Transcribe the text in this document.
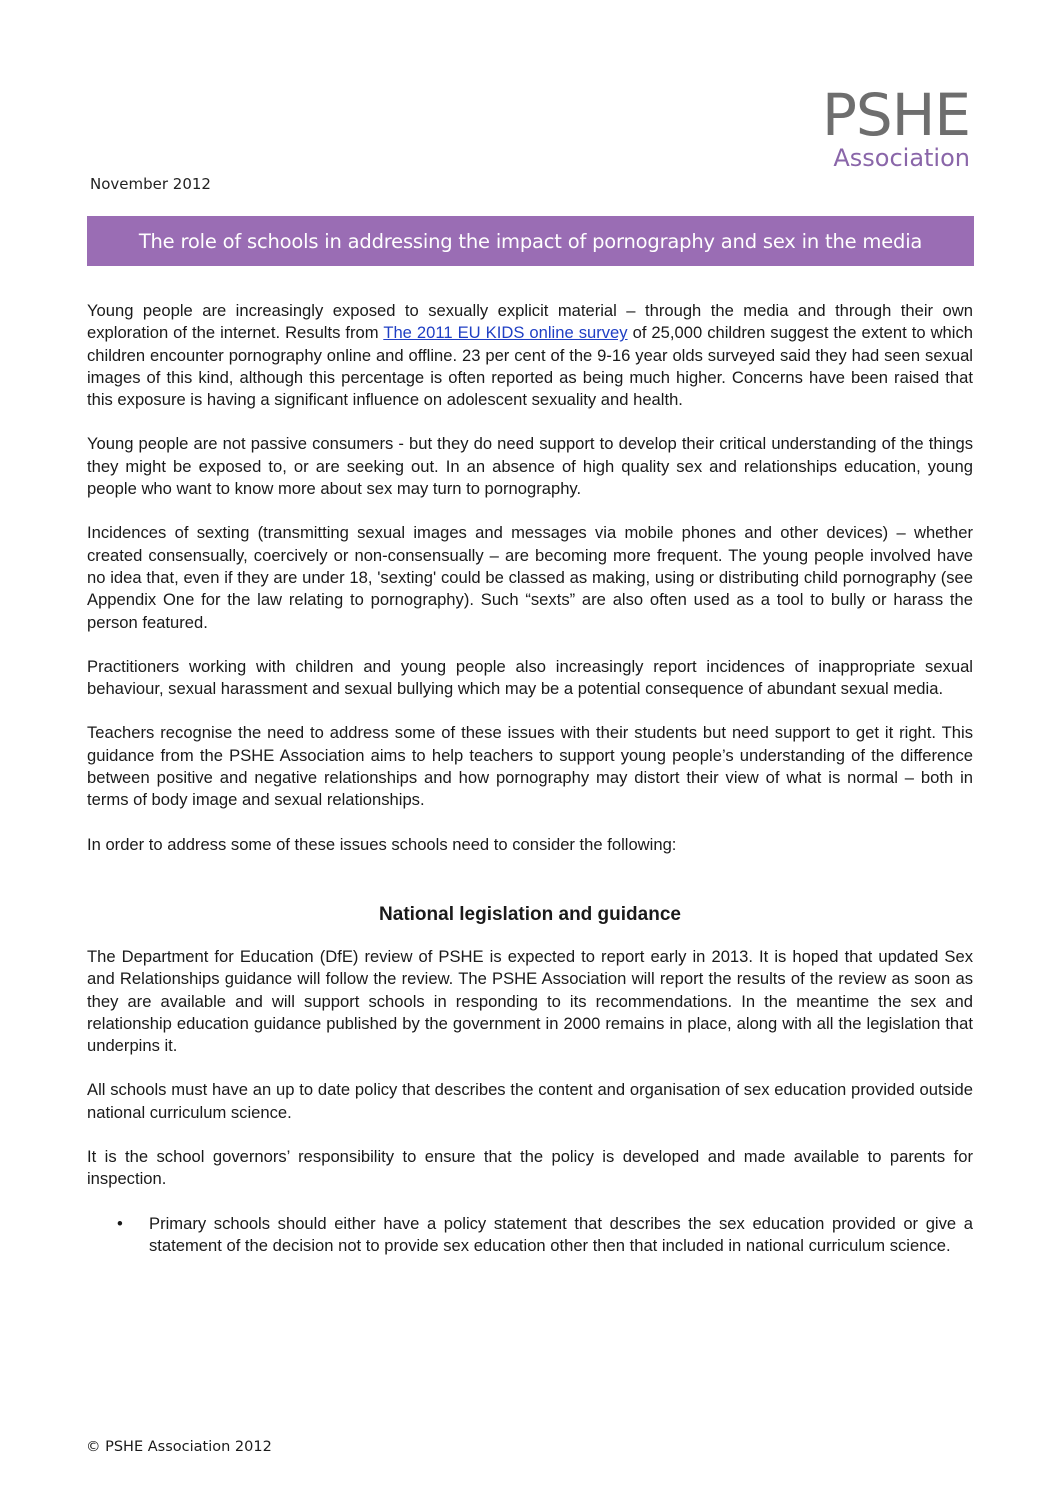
PSHE
Association
November 2012
The role of schools in addressing the impact of pornography and sex in the media

Young people are increasingly exposed to sexually explicit material – through the media and through their own exploration of the internet. Results from The 2011 EU KIDS online survey of 25,000 children suggest the extent to which children encounter pornography online and offline. 23 per cent of the 9-16 year olds surveyed said they had seen sexual images of this kind, although this percentage is often reported as being much higher. Concerns have been raised that this exposure is having a significant influence on adolescent sexuality and health.

Young people are not passive consumers - but they do need support to develop their critical understanding of the things they might be exposed to, or are seeking out. In an absence of high quality sex and relationships education, young people who want to know more about sex may turn to pornography.

Incidences of sexting (transmitting sexual images and messages via mobile phones and other devices) – whether created consensually, coercively or non-consensually – are becoming more frequent. The young people involved have no idea that, even if they are under 18, 'sexting' could be classed as making, using or distributing child pornography (see Appendix One for the law relating to pornography). Such “sexts” are also often used as a tool to bully or harass the person featured.

Practitioners working with children and young people also increasingly report incidences of inappropriate sexual behaviour, sexual harassment and sexual bullying which may be a potential consequence of abundant sexual media.

Teachers recognise the need to address some of these issues with their students but need support to get it right. This guidance from the PSHE Association aims to help teachers to support young people’s understanding of the difference between positive and negative relationships and how pornography may distort their view of what is normal – both in terms of body image and sexual relationships.

In order to address some of these issues schools need to consider the following:

National legislation and guidance

The Department for Education (DfE) review of PSHE is expected to report early in 2013. It is hoped that updated Sex and Relationships guidance will follow the review. The PSHE Association will report the results of the review as soon as they are available and will support schools in responding to its recommendations. In the meantime the sex and relationship education guidance published by the government in 2000 remains in place, along with all the legislation that underpins it.

All schools must have an up to date policy that describes the content and organisation of sex education provided outside national curriculum science.

It is the school governors’ responsibility to ensure that the policy is developed and made available to parents for inspection.

• Primary schools should either have a policy statement that describes the sex education provided or give a statement of the decision not to provide sex education other then that included in national curriculum science.
© PSHE Association 2012
